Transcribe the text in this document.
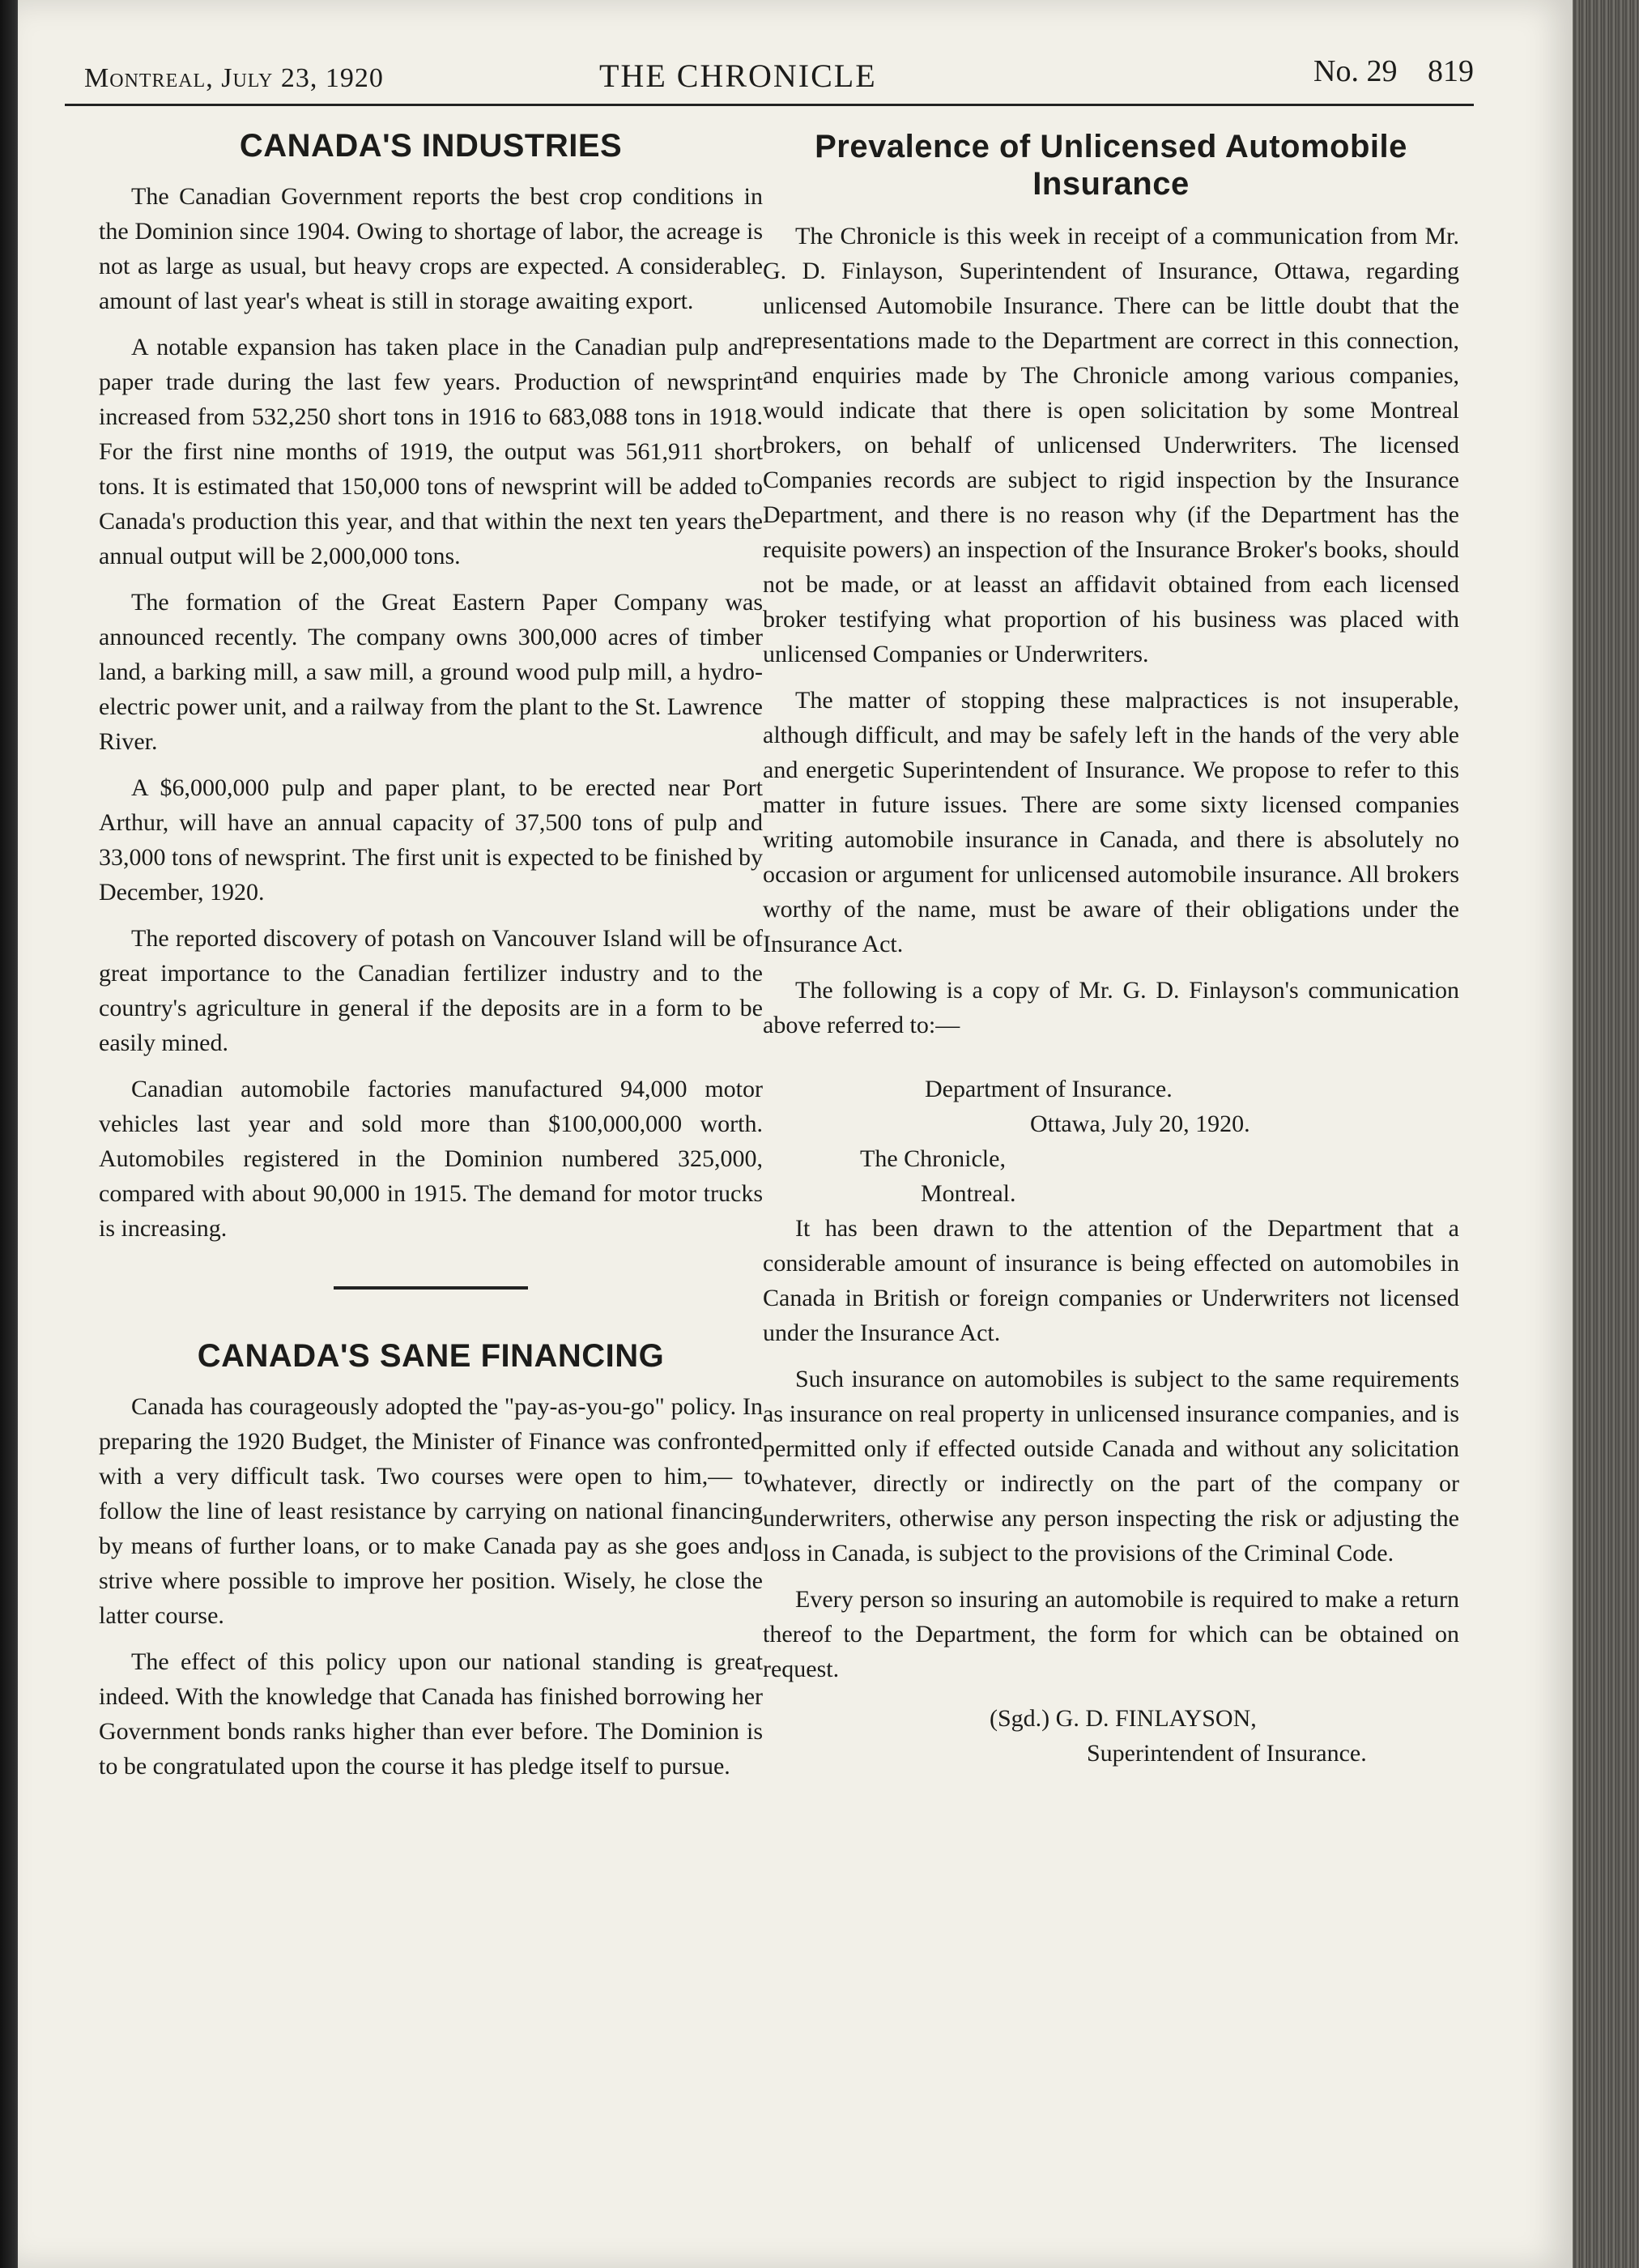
Montreal, July 23, 1920	THE CHRONICLE	No. 29 819
CANADA'S INDUSTRIES

The Canadian Government reports the best crop conditions in the Dominion since 1904. Owing to shortage of labor, the acreage is not as large as usual, but heavy crops are expected. A considerable amount of last year's wheat is still in storage awaiting export.

A notable expansion has taken place in the Canadian pulp and paper trade during the last few years. Production of newsprint increased from 532,250 short tons in 1916 to 683,088 tons in 1918. For the first nine months of 1919, the output was 561,911 short tons. It is estimated that 150,000 tons of newsprint will be added to Canada's production this year, and that within the next ten years the annual output will be 2,000,000 tons.

The formation of the Great Eastern Paper Company was announced recently. The company owns 300,000 acres of timber land, a barking mill, a saw mill, a ground wood pulp mill, a hydro-electric power unit, and a railway from the plant to the St. Lawrence River.

A $6,000,000 pulp and paper plant, to be erected near Port Arthur, will have an annual capacity of 37,500 tons of pulp and 33,000 tons of newsprint. The first unit is expected to be finished by December, 1920.

The reported discovery of potash on Vancouver Island will be of great importance to the Canadian fertilizer industry and to the country's agriculture in general if the deposits are in a form to be easily mined.

Canadian automobile factories manufactured 94,000 motor vehicles last year and sold more than $100,000,000 worth. Automobiles registered in the Dominion numbered 325,000, compared with about 90,000 in 1915. The demand for motor trucks is increasing.

CANADA'S SANE FINANCING

Canada has courageously adopted the "pay-as-you-go" policy. In preparing the 1920 Budget, the Minister of Finance was confronted with a very difficult task. Two courses were open to him,— to follow the line of least resistance by carrying on national financing by means of further loans, or to make Canada pay as she goes and strive where possible to improve her position. Wisely, he close the latter course.

The effect of this policy upon our national standing is great indeed. With the knowledge that Canada has finished borrowing her Government bonds ranks higher than ever before. The Dominion is to be congratulated upon the course it has pledge itself to pursue.

Prevalence of Unlicensed Automobile
Insurance

The Chronicle is this week in receipt of a communication from Mr. G. D. Finlayson, Superintendent of Insurance, Ottawa, regarding unlicensed Automobile Insurance. There can be little doubt that the representations made to the Department are correct in this connection, and enquiries made by The Chronicle among various companies, would indicate that there is open solicitation by some Montreal brokers, on behalf of unlicensed Underwriters. The licensed Companies records are subject to rigid inspection by the Insurance Department, and there is no reason why (if the Department has the requisite powers) an inspection of the Insurance Broker's books, should not be made, or at leasst an affidavit obtained from each licensed broker testifying what proportion of his business was placed with unlicensed Companies or Underwriters.

The matter of stopping these malpractices is not insuperable, although difficult, and may be safely left in the hands of the very able and energetic Superintendent of Insurance. We propose to refer to this matter in future issues. There are some sixty licensed companies writing automobile insurance in Canada, and there is absolutely no occasion or argument for unlicensed automobile insurance. All brokers worthy of the name, must be aware of their obligations under the Insurance Act.

The following is a copy of Mr. G. D. Finlayson's communication above referred to:—

Department of Insurance.
Ottawa, July 20, 1920.
The Chronicle,
Montreal.

It has been drawn to the attention of the Department that a considerable amount of insurance is being effected on automobiles in Canada in British or foreign companies or Underwriters not licensed under the Insurance Act.

Such insurance on automobiles is subject to the same requirements as insurance on real property in unlicensed insurance companies, and is permitted only if effected outside Canada and without any solicitation whatever, directly or indirectly on the part of the company or underwriters, otherwise any person inspecting the risk or adjusting the loss in Canada, is subject to the provisions of the Criminal Code.

Every person so insuring an automobile is required to make a return thereof to the Department, the form for which can be obtained on request.

(Sgd.) G. D. FINLAYSON,
Superintendent of Insurance.
